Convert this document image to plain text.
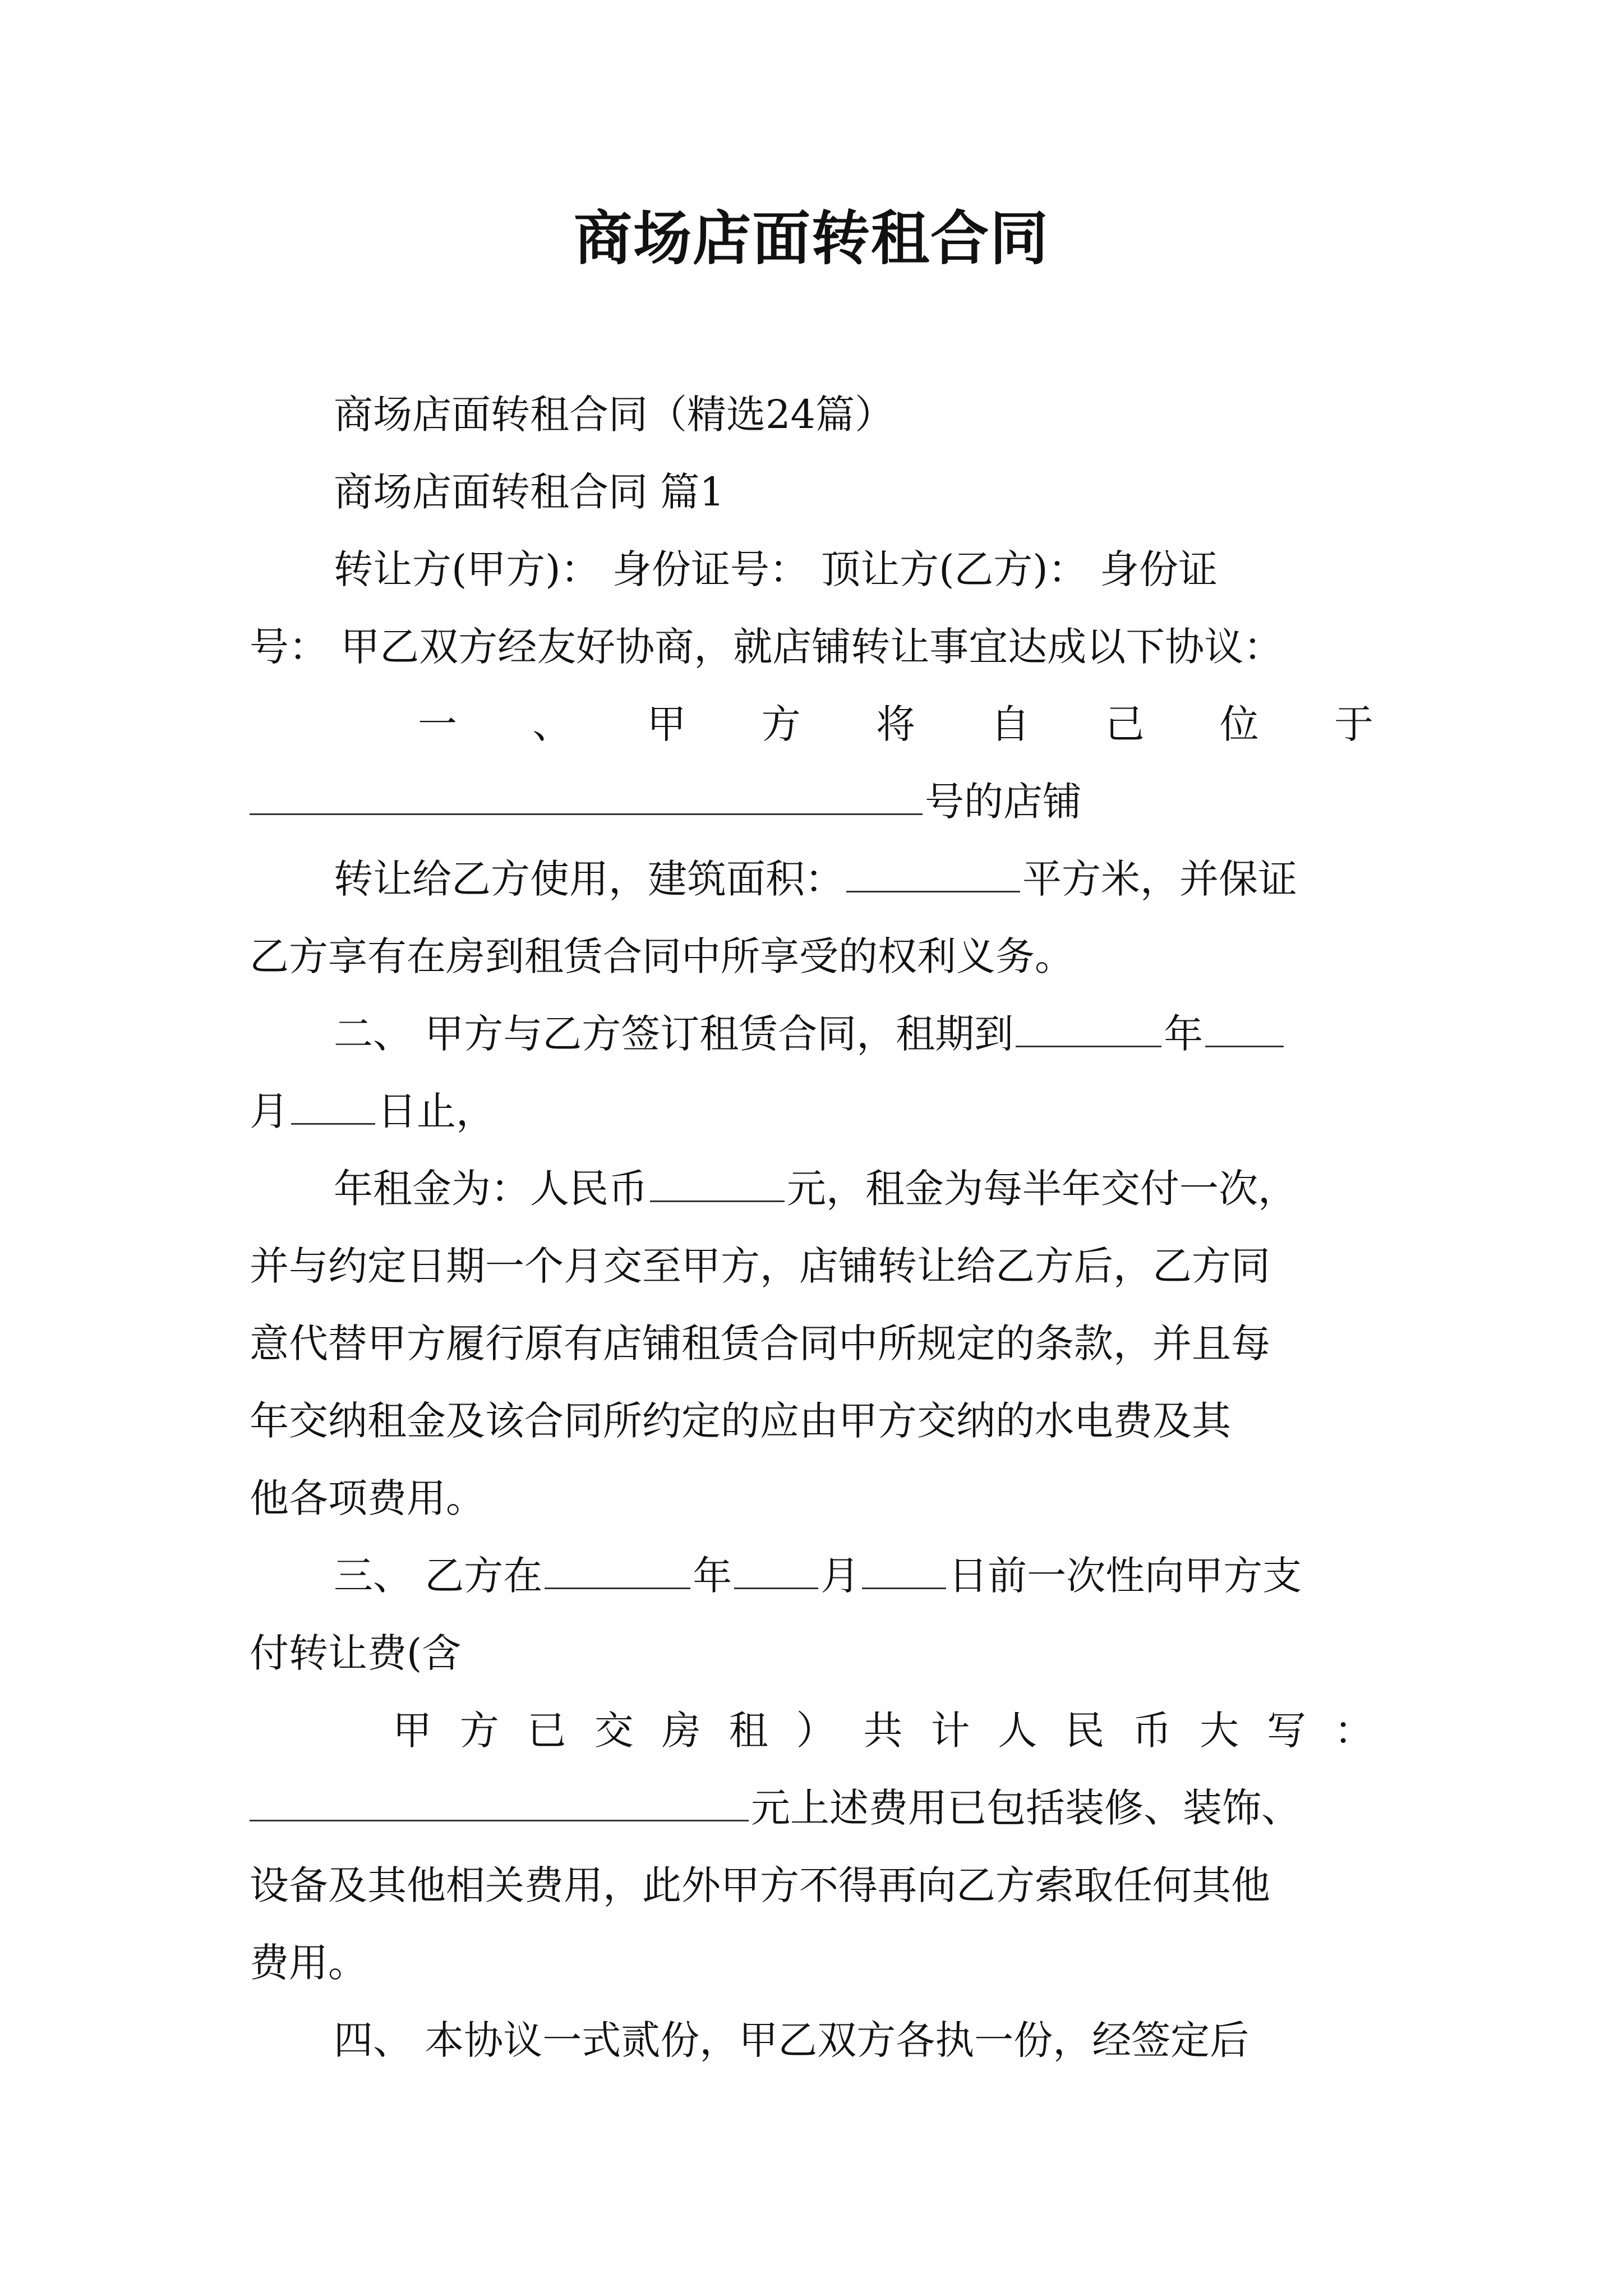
商场店面转租合同

商场店面转租合同（精选24篇）

商场店面转租合同 篇1

转让方(甲方)： 身份证号： 顶让方(乙方)： 身份证

号： 甲乙双方经友好协商，就店铺转让事宜达成以下协议：

一 、 甲 方 将 自 己 位 于

号的店铺

转让给乙方使用，建筑面积：	平方米，并保证

乙方享有在房到租赁合同中所享受的权利义务。

二、 甲方与乙方签订租赁合同，租期到	年

月 日止，

年租金为：人民币	元，租金为每半年交付一次，

并与约定日期一个月交至甲方，店铺转让给乙方后，乙方同

意代替甲方履行原有店铺租赁合同中所规定的条款，并且每

年交纳租金及该合同所约定的应由甲方交纳的水电费及其

他各项费用。

三、 乙方在	年 月 日前一次性向甲方支

付转让费(含

甲 方 已 交 房 租 ） 共 计 人 民 币 大 写 ：

元上述费用已包括装修、装饰、

设备及其他相关费用，此外甲方不得再向乙方索取任何其他

费用。

四、 本协议一式贰份，甲乙双方各执一份，经签定后
